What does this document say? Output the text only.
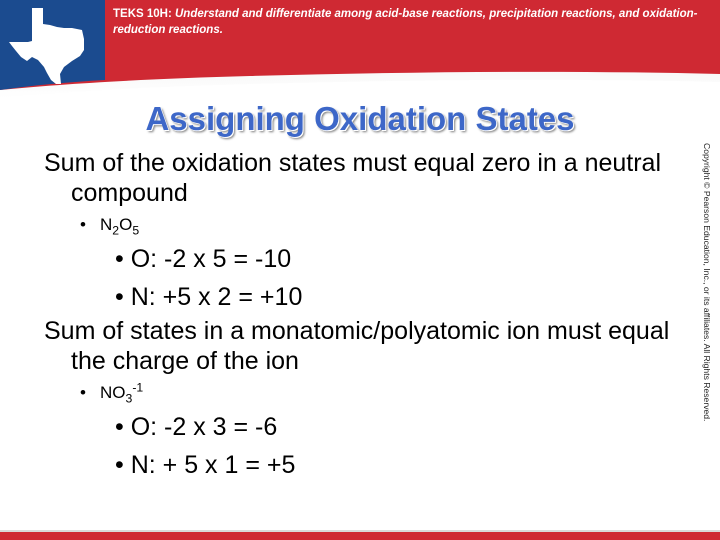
TEKS 10H: Understand and differentiate among acid-base reactions, precipitation reactions, and oxidation-reduction reactions.
Assigning Oxidation States
Sum of the oxidation states must equal zero in a neutral compound
• $N_2O_5$
• O: -2 x 5 = -10
• N: +5 x 2 = +10
Sum of states in a monatomic/polyatomic ion must equal the charge of the ion
• $NO_3^{-1}$
• O: -2 x 3 = -6
• N: + 5 x 1 = +5
Copyright © Pearson Education, Inc., or its affiliates. All Rights Reserved.
